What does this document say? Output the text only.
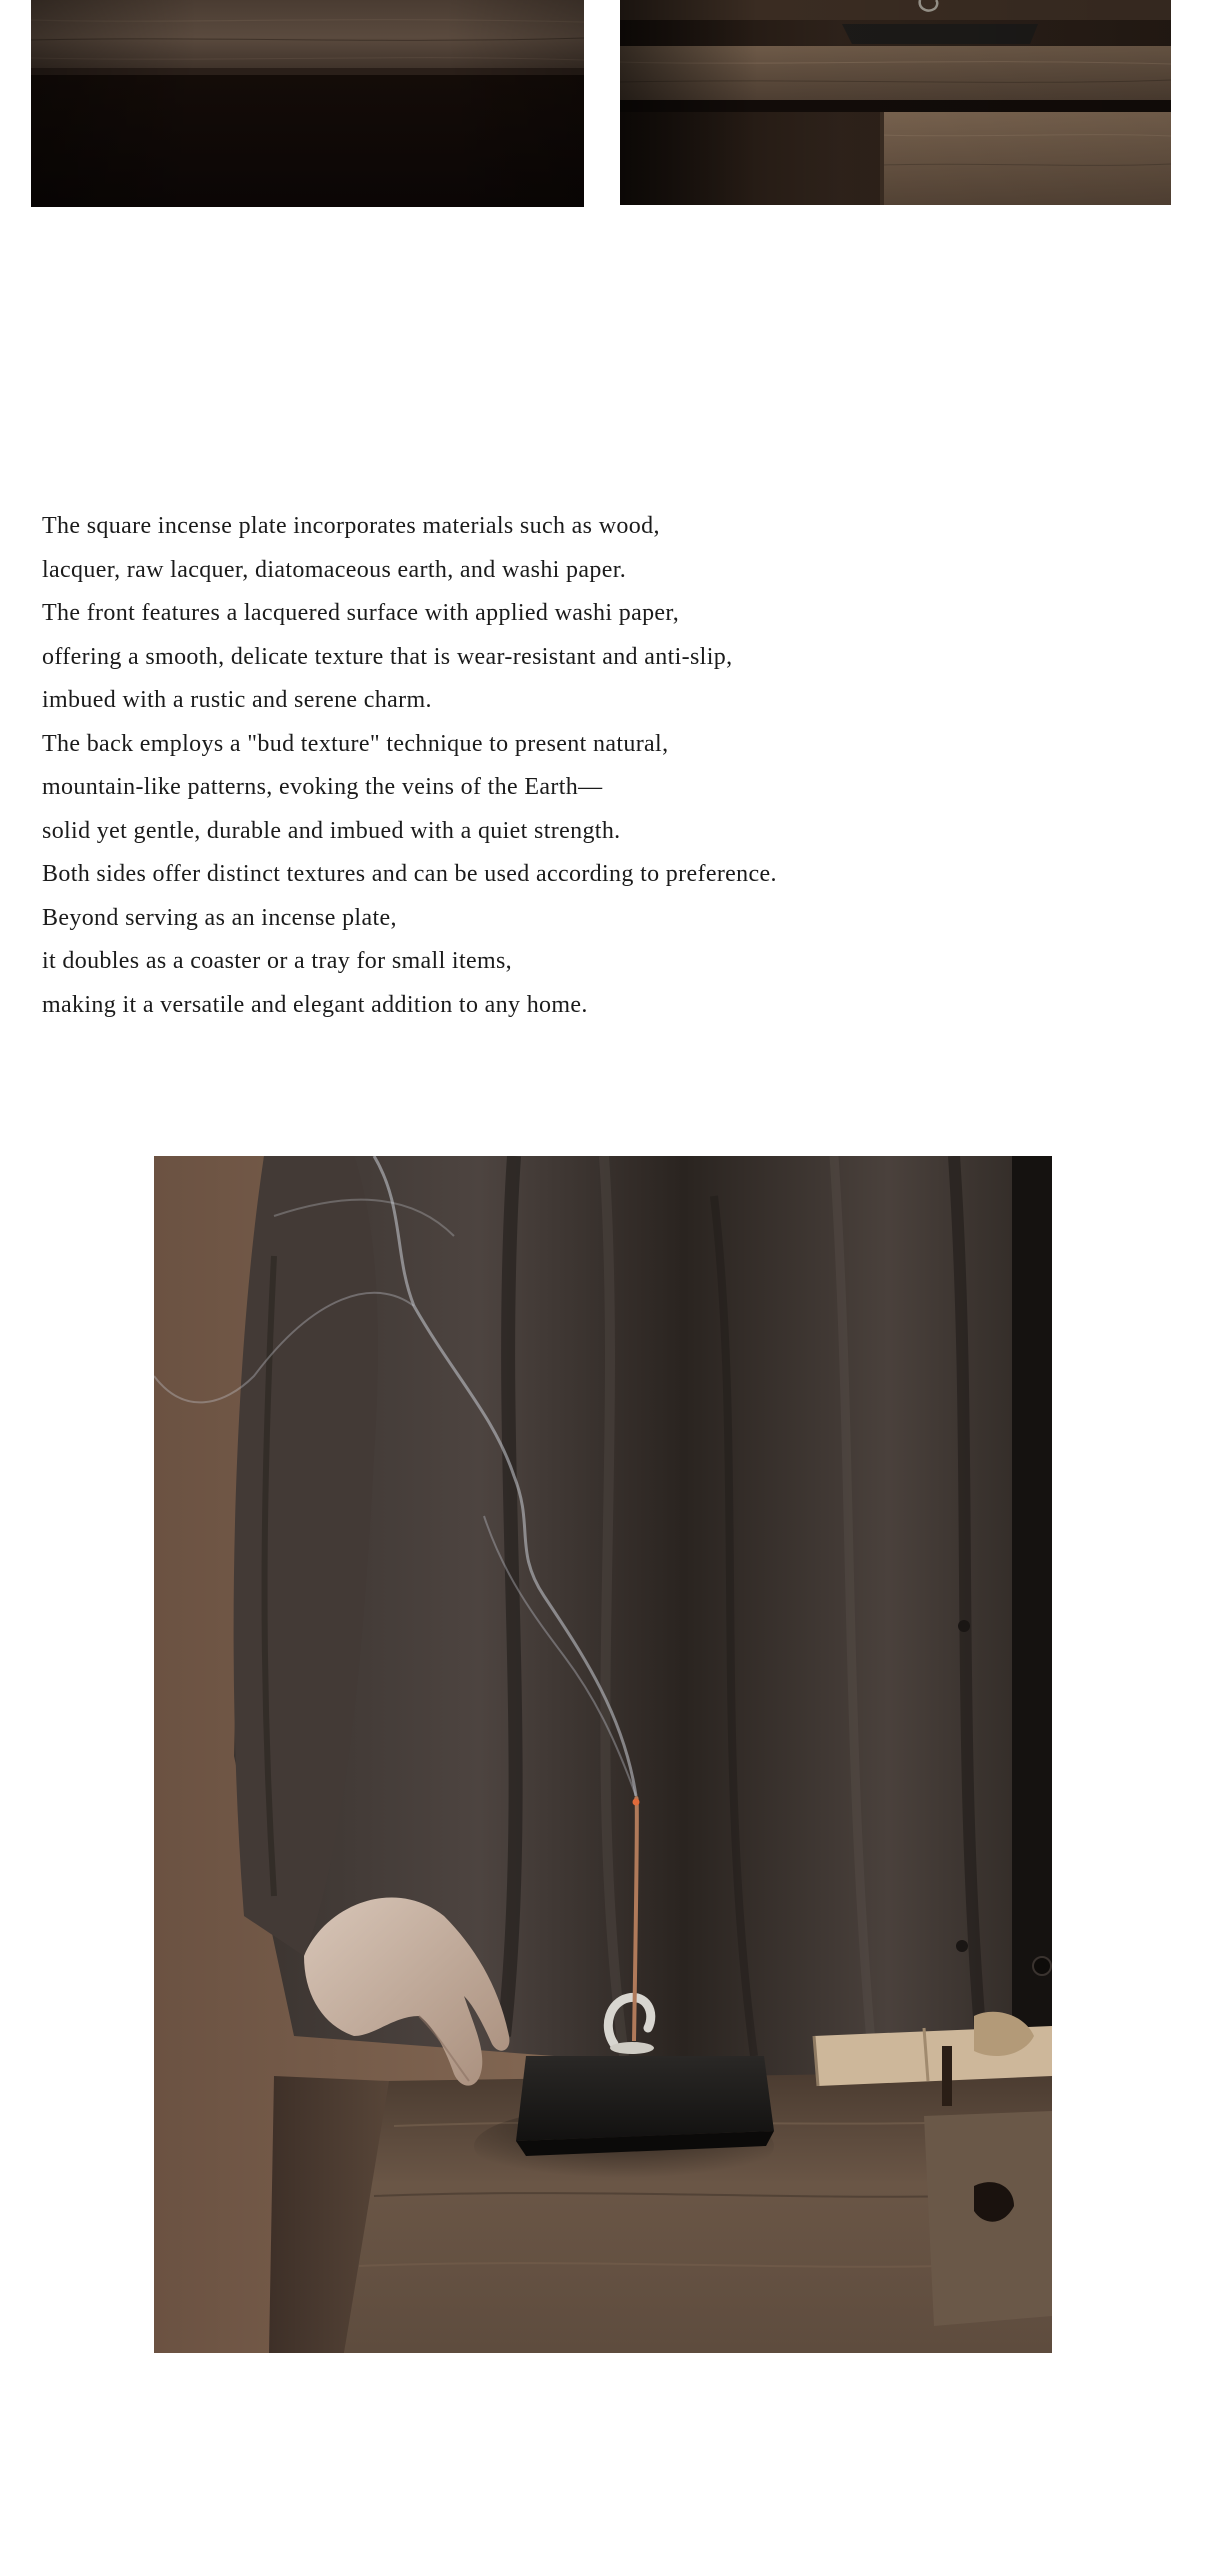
The square incense plate incorporates materials such as wood,

lacquer, raw lacquer, diatomaceous earth, and washi paper.

The front features a lacquered surface with applied washi paper,

offering a smooth, delicate texture that is wear-resistant and anti-slip,

imbued with a rustic and serene charm.

The back employs a "bud texture" technique to present natural,

mountain-like patterns, evoking the veins of the Earth—

solid yet gentle, durable and imbued with a quiet strength.

Both sides offer distinct textures and can be used according to preference.

Beyond serving as an incense plate,

it doubles as a coaster or a tray for small items,

making it a versatile and elegant addition to any home.
